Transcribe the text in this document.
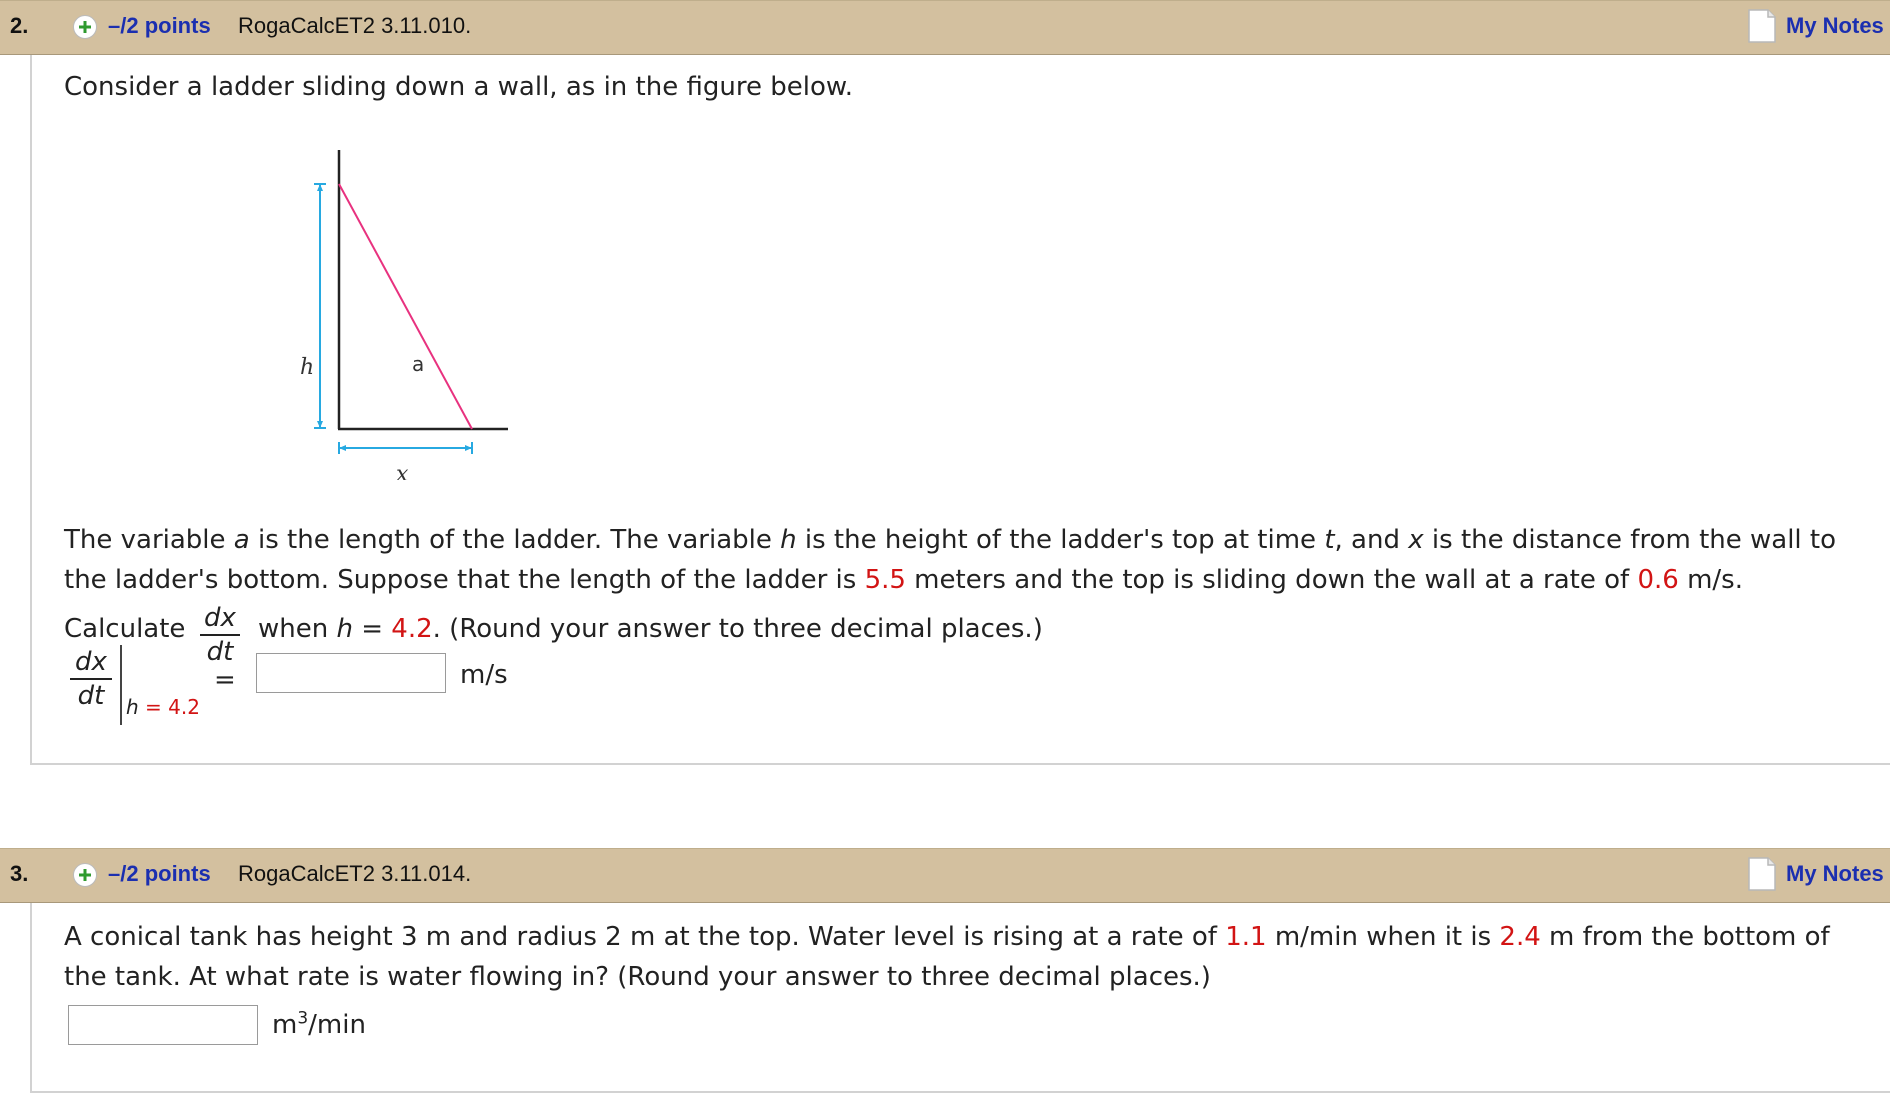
2.	–/2 points RogaCalcET2 3.11.010.	My Notes
Consider a ladder sliding down a wall, as in the figure below.
h	a
x
The variable a is the length of the ladder. The variable h is the height of the ladder's top at time t, and x is the distance from the wall to
the ladder's bottom. Suppose that the length of the ladder is 5.5 meters and the top is sliding down the wall at a rate of 0.6 m/s.
Calculate dx
dt
when h = 4.2. (Round your answer to three decimal places.)
dx
dt	h = 4.2
=	m/s
3.	–/2 points RogaCalcET2 3.11.014.	My Notes
A conical tank has height 3 m and radius 2 m at the top. Water level is rising at a rate of 1.1 m/min when it is 2.4 m from the bottom of
the tank. At what rate is water flowing in? (Round your answer to three decimal places.)
$m^3/\min$
